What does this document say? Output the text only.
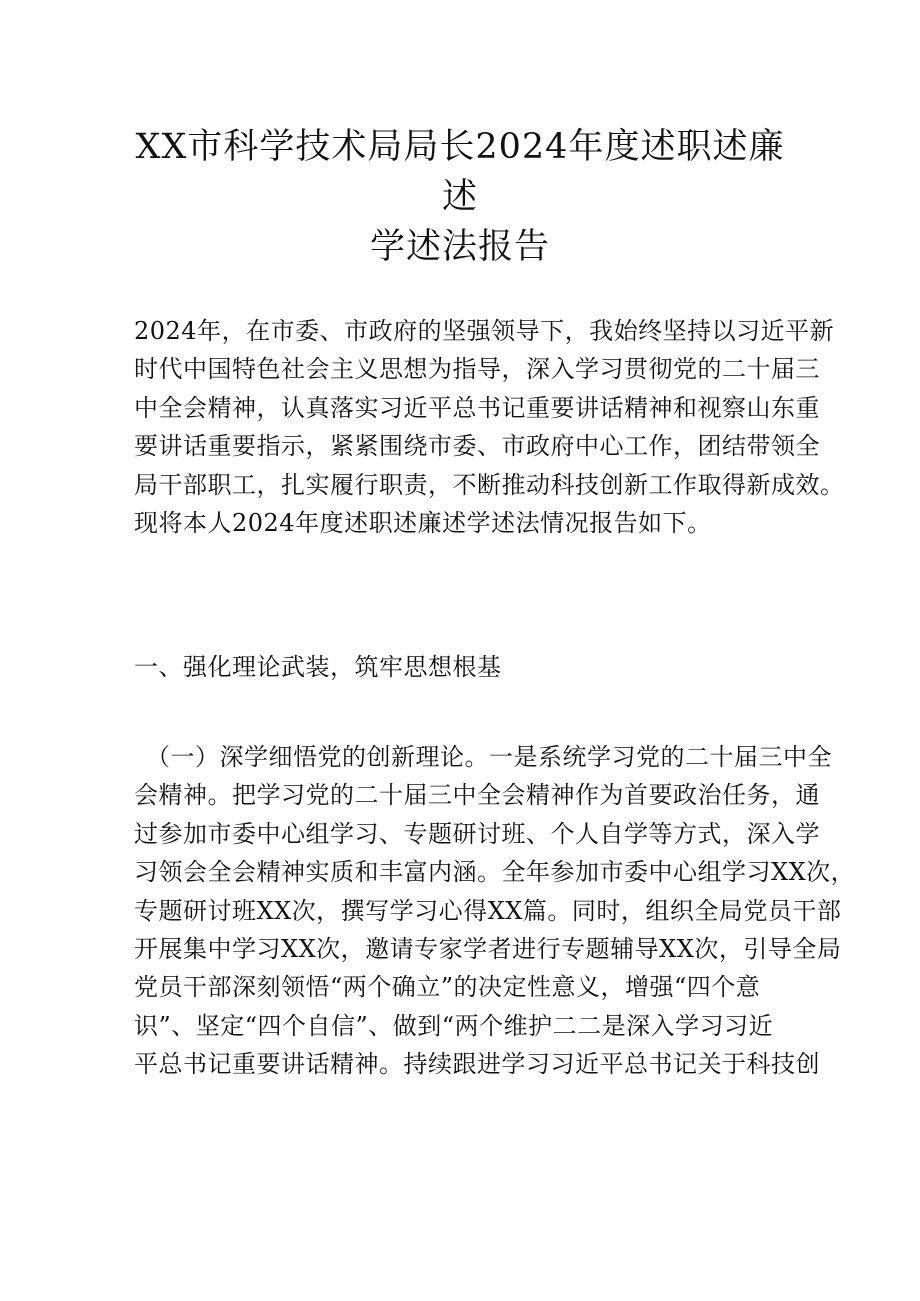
XX市科学技术局局长2024年度述职述廉述
学述法报告
2024年，在市委、市政府的坚强领导下，我始终坚持以习近平新
时代中国特色社会主义思想为指导，深入学习贯彻党的二十届三
中全会精神，认真落实习近平总书记重要讲话精神和视察山东重
要讲话重要指示，紧紧围绕市委、市政府中心工作，团结带领全
局干部职工，扎实履行职责，不断推动科技创新工作取得新成效。
现将本人2024年度述职述廉述学述法情况报告如下。
一、强化理论武装，筑牢思想根基
（一）深学细悟党的创新理论。一是系统学习党的二十届三中全
会精神。把学习党的二十届三中全会精神作为首要政治任务，通
过参加市委中心组学习、专题研讨班、个人自学等方式，深入学
习领会全会精神实质和丰富内涵。全年参加市委中心组学习XX次，
专题研讨班XX次，撰写学习心得XX篇。同时，组织全局党员干部
开展集中学习XX次，邀请专家学者进行专题辅导XX次，引导全局
党员干部深刻领悟“两个确立”的决定性意义，增强“四个意
识”、坚定“四个自信”、做到“两个维护二二是深入学习习近
平总书记重要讲话精神。持续跟进学习习近平总书记关于科技创
